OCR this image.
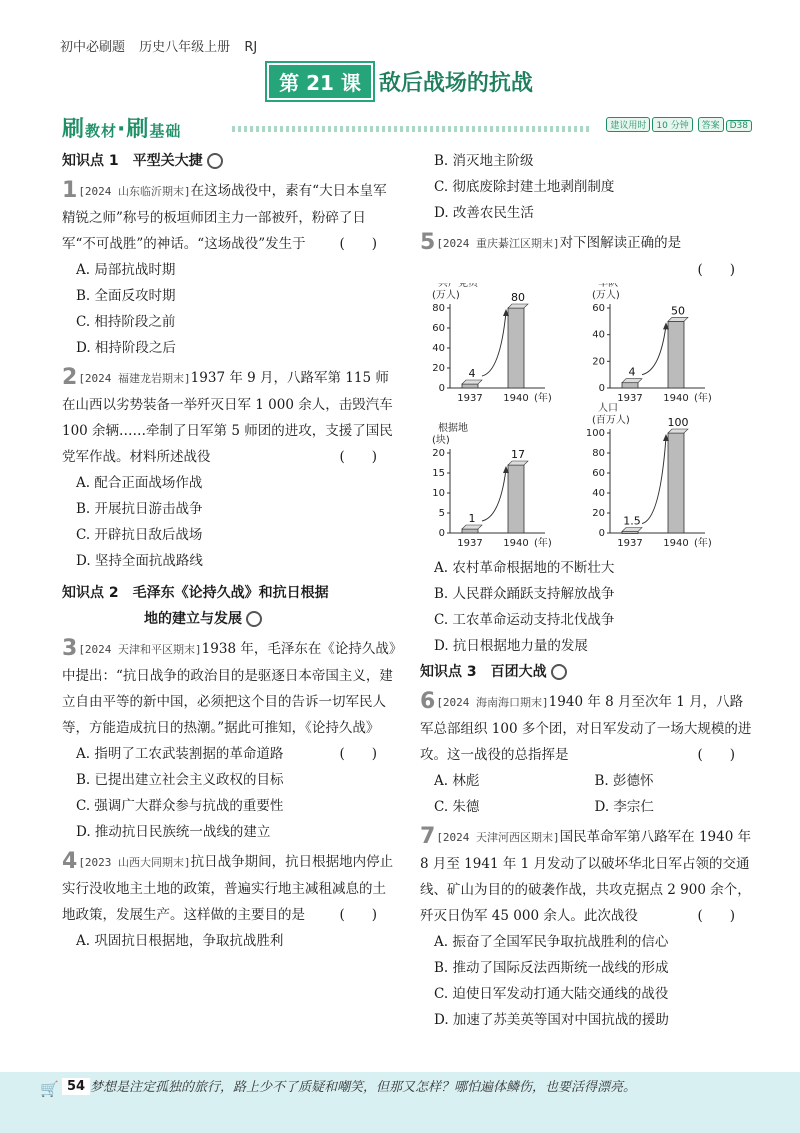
初中必刷题 历史八年级上册 RJ
第 21 课 敌后战场的抗战
刷教材·刷基础	建议用时 10 分钟 答案 D38
知识点 1　 平型关大捷
1[2024 山东临沂期末]在这场战役中，素有“大日本皇军精锐之师”称号的板垣师团主力一部被歼，粉碎了日军“不可战胜”的神话。“这场战役”发生于	(　　)
A. 局部抗战时期
B. 全面反攻时期
C. 相持阶段之前
D. 相持阶段之后
2[2024 福建龙岩期末]1937 年 9 月，八路军第 115 师在山西以劣势装备一举歼灭日军 1 000 余人，击毁汽车 100 余辆……牵制了日军第 5 师团的进攻，支援了国民党军作战。材料所述战役	(　　)
A. 配合正面战场作战
B. 开展抗日游击战争
C. 开辟抗日敌后战场
D. 坚持全面抗战路线
知识点 2　 毛泽东《论持久战》和抗日根据
地的建立与发展
3[2024 天津和平区期末]1938 年，毛泽东在《论持久战》中提出：“抗日战争的政治目的是驱逐日本帝国主义，建立自由平等的新中国，必须把这个目的告诉一切军民人等，方能造成抗日的热潮。”据此可推知，《论持久战》
(　　)
A. 指明了工农武装割据的革命道路
B. 已提出建立社会主义政权的目标
C. 强调广大群众参与抗战的重要性
D. 推动抗日民族统一战线的建立
4[2023 山西大同期末]抗日战争期间，抗日根据地内停止实行没收地主土地的政策，普遍实行地主减租减息的土地政策，发展生产。这样做的主要目的是	(　　)
A. 巩固抗日根据地，争取抗战胜利
B. 消灭地主阶级
C. 彻底废除封建土地剥削制度
D. 改善农民生活
5[2024 重庆綦江区期末]对下图解读正确的是

(　　)
共产党员
(万人)
0
20
40
60
80
4
1937
80
1940 (年)
军队
(万人)
0
20
40
60
4
1937
50
1940 (年)
根据地
(块)
0
5
10
15
20
1
1937
17
1940 (年)
人口
(百万人)
0
20
40
60
80
100
1.5
1937
100
1940 (年)
A. 农村革命根据地的不断壮大
B. 人民群众踊跃支持解放战争
C. 工农革命运动支持北伐战争
D. 抗日根据地力量的发展
知识点 3　 百团大战
6[2024 海南海口期末]1940 年 8 月至次年 1 月，八路军总部组织 100 多个团，对日军发动了一场大规模的进攻。这一战役的总指挥是	(　　)
A. 林彪	B. 彭德怀
C. 朱德	D. 李宗仁
7[2024 天津河西区期末]国民革命军第八路军在 1940 年 8 月至 1941 年 1 月发动了以破坏华北日军占领的交通线、矿山为目的的破袭作战，共攻克据点 2 900 余个，歼灭日伪军 45 000 余人。此次战役	(　　)
A. 振奋了全国军民争取抗战胜利的信心
B. 推动了国际反法西斯统一战线的形成
C. 迫使日军发动打通大陆交通线的战役
D. 加速了苏美英等国对中国抗战的援助
🛒 54 梦想是注定孤独的旅行，路上少不了质疑和嘲笑，但那又怎样？哪怕遍体鳞伤，也要活得漂亮。
